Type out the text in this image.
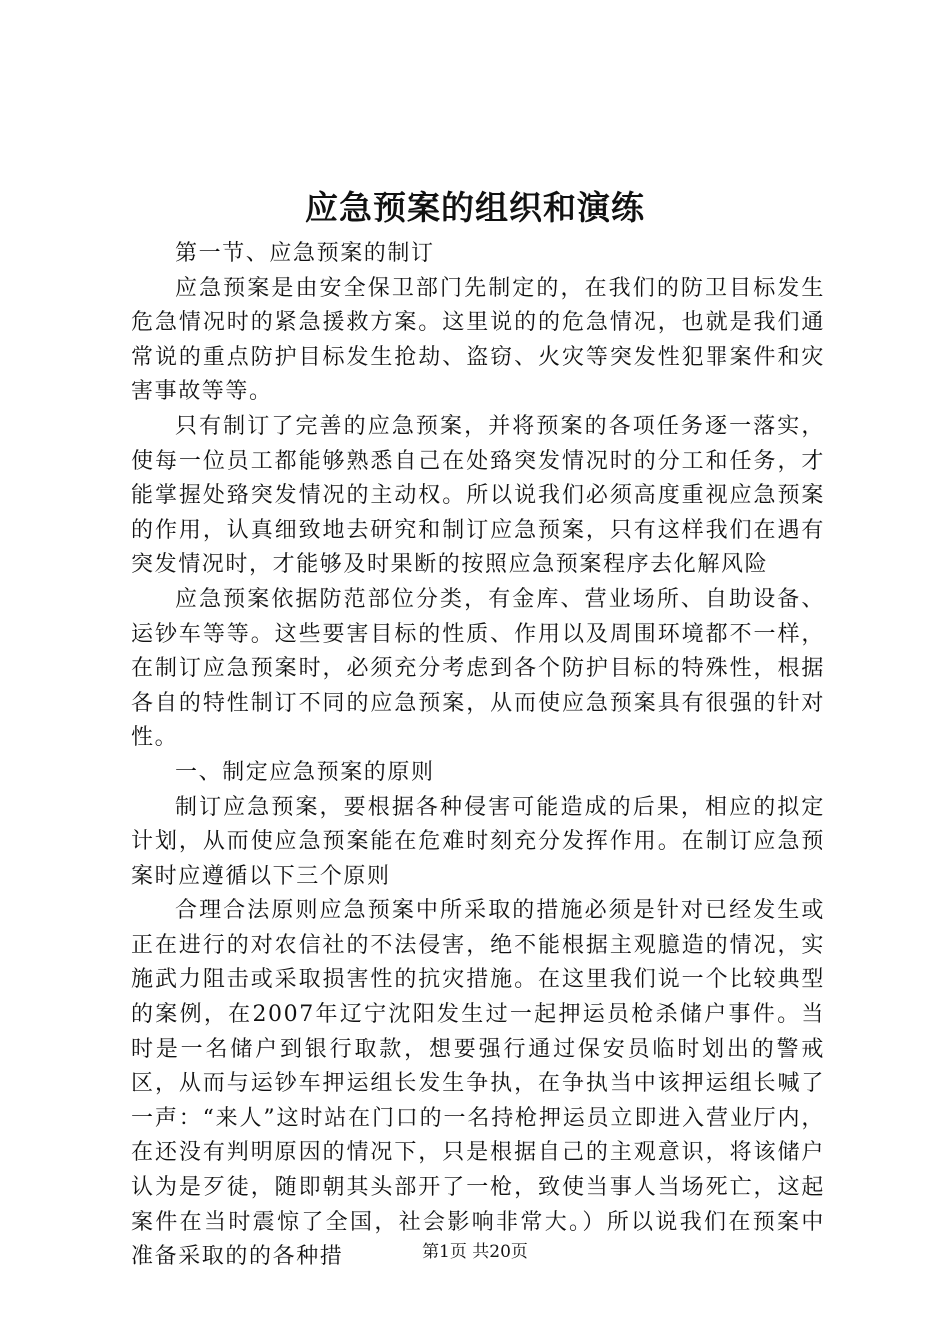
应急预案的组织和演练

第一节、应急预案的制订

应急预案是由安全保卫部门先制定的，在我们的防卫目标发生危急情况时的紧急援救方案。这里说的的危急情况，也就是我们通常说的重点防护目标发生抢劫、盗窃、火灾等突发性犯罪案件和灾害事故等等。

只有制订了完善的应急预案，并将预案的各项任务逐一落实，使每一位员工都能够熟悉自己在处臵突发情况时的分工和任务，才能掌握处臵突发情况的主动权。所以说我们必须高度重视应急预案的作用，认真细致地去研究和制订应急预案，只有这样我们在遇有突发情况时，才能够及时果断的按照应急预案程序去化解风险

应急预案依据防范部位分类，有金库、营业场所、自助设备、运钞车等等。这些要害目标的性质、作用以及周围环境都不一样，在制订应急预案时，必须充分考虑到各个防护目标的特殊性，根据各自的特性制订不同的应急预案，从而使应急预案具有很强的针对性。

一、制定应急预案的原则

制订应急预案，要根据各种侵害可能造成的后果，相应的拟定计划，从而使应急预案能在危难时刻充分发挥作用。在制订应急预案时应遵循以下三个原则

合理合法原则应急预案中所采取的措施必须是针对已经发生或正在进行的对农信社的不法侵害，绝不能根据主观臆造的情况，实施武力阻击或采取损害性的抗灾措施。在这里我们说一个比较典型的案例，在2007年辽宁沈阳发生过一起押运员枪杀储户事件。当时是一名储户到银行取款，想要强行通过保安员临时划出的警戒区，从而与运钞车押运组长发生争执，在争执当中该押运组长喊了一声：“来人”这时站在门口的一名持枪押运员立即进入营业厅内，在还没有判明原因的情况下，只是根据自己的主观意识，将该储户认为是歹徒，随即朝其头部开了一枪，致使当事人当场死亡，这起案件在当时震惊了全国，社会影响非常大。）所以说我们在预案中准备采取的的各种措	第1页 共20页
